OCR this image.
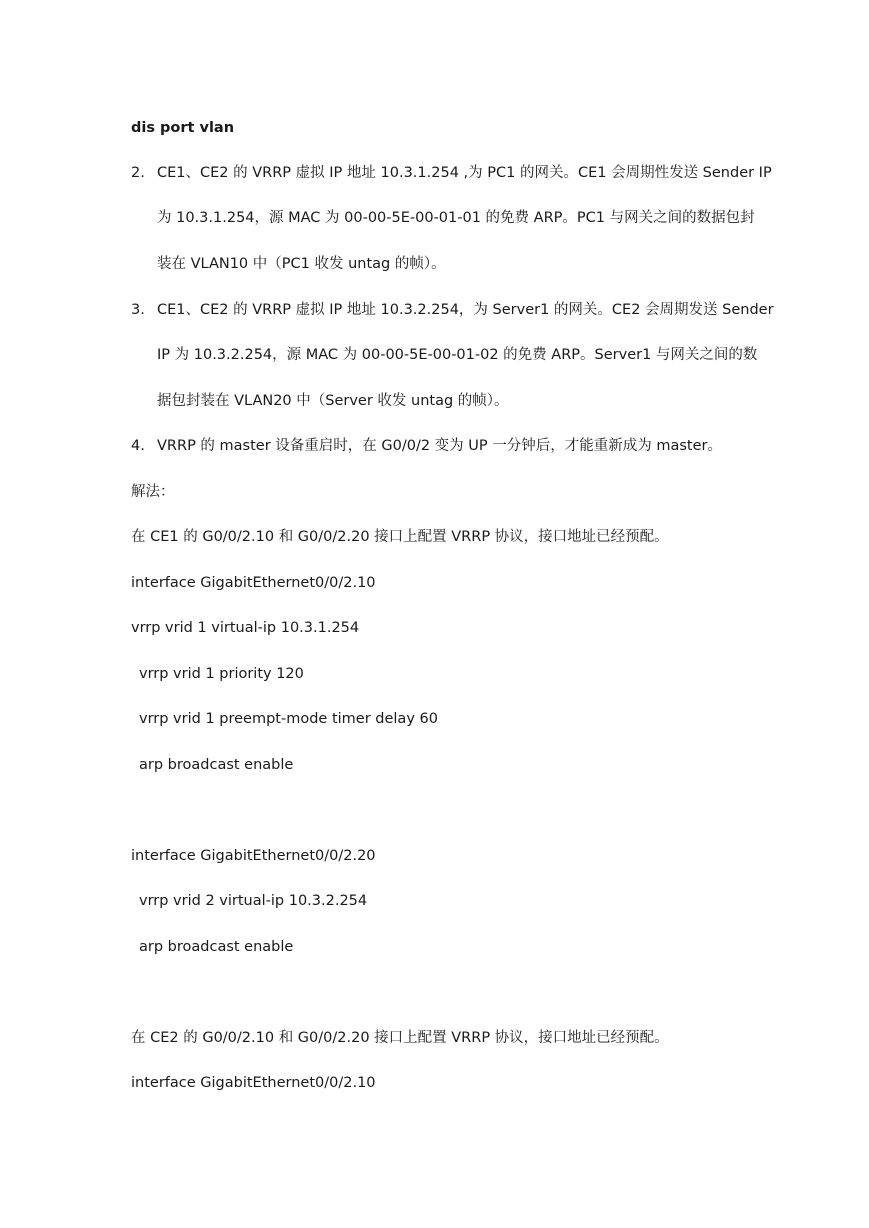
dis port vlan
2. CE1、CE2 的 VRRP 虚拟 IP 地址 10.3.1.254 ,为 PC1 的网关。CE1 会周期性发送 Sender IP
为 10.3.1.254，源 MAC 为 00-00-5E-00-01-01 的免费 ARP。PC1 与网关之间的数据包封
装在 VLAN10 中（PC1 收发 untag 的帧）。
3. CE1、CE2 的 VRRP 虚拟 IP 地址 10.3.2.254，为 Server1 的网关。CE2 会周期发送 Sender
IP 为 10.3.2.254，源 MAC 为 00-00-5E-00-01-02 的免费 ARP。Server1 与网关之间的数
据包封装在 VLAN20 中（Server 收发 untag 的帧）。
4. VRRP 的 master 设备重启时，在 G0/0/2 变为 UP 一分钟后，才能重新成为 master。
解法：
在 CE1 的 G0/0/2.10 和 G0/0/2.20 接口上配置 VRRP 协议，接口地址已经预配。
interface GigabitEthernet0/0/2.10
vrrp vrid 1 virtual-ip 10.3.1.254
vrrp vrid 1 priority 120
vrrp vrid 1 preempt-mode timer delay 60
arp broadcast enable
interface GigabitEthernet0/0/2.20
vrrp vrid 2 virtual-ip 10.3.2.254
arp broadcast enable
在 CE2 的 G0/0/2.10 和 G0/0/2.20 接口上配置 VRRP 协议，接口地址已经预配。
interface GigabitEthernet0/0/2.10
